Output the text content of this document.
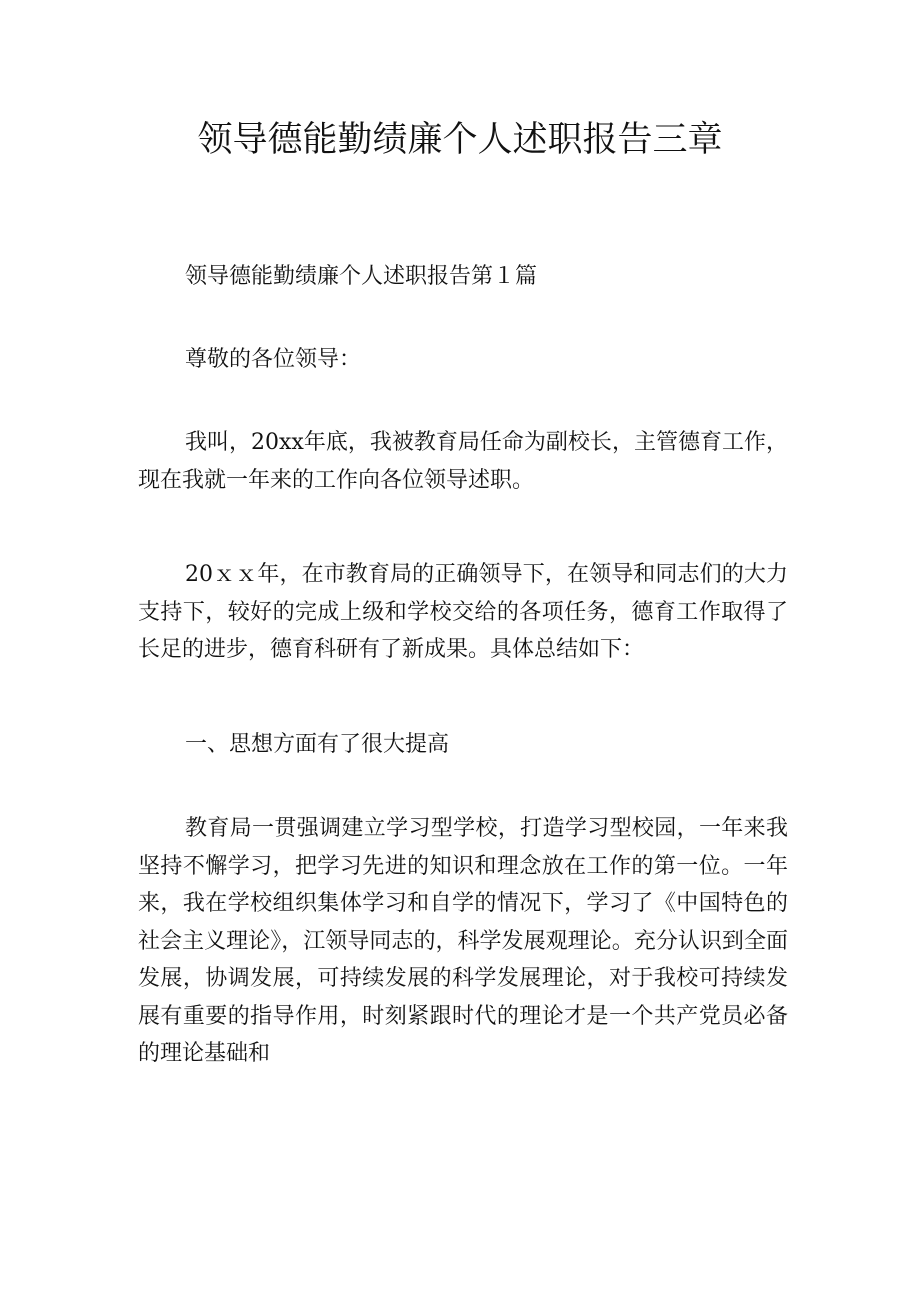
领导德能勤绩廉个人述职报告三章

领导德能勤绩廉个人述职报告第１篇

尊敬的各位领导：

我叫，20xx年底，我被教育局任命为副校长，主管德育工作，现在我就一年来的工作向各位领导述职。

20ｘｘ年，在市教育局的正确领导下，在领导和同志们的大力支持下，较好的完成上级和学校交给的各项任务，德育工作取得了长足的进步，德育科研有了新成果。具体总结如下：

一、思想方面有了很大提高

教育局一贯强调建立学习型学校，打造学习型校园，一年来我坚持不懈学习，把学习先进的知识和理念放在工作的第一位。一年来，我在学校组织集体学习和自学的情况下，学习了《中国特色的社会主义理论》，江领导同志的，科学发展观理论。充分认识到全面发展，协调发展，可持续发展的科学发展理论，对于我校可持续发展有重要的指导作用，时刻紧跟时代的理论才是一个共产党员必备的理论基础和
